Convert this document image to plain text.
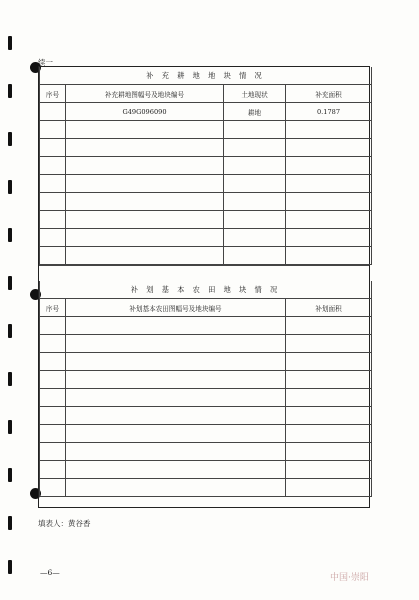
续一
补 充 耕 地 地 块 情 况			
序号	补充耕地图幅号及地块编号	土地现状	补充面积
	G49G096090	耕地	0.1787

补 划 基 本 农 田 地 块 情 况		
序号	补划基本农田图幅号及地块编号	补划面积

填表人：黄谷香
—6—
中国·崇阳
